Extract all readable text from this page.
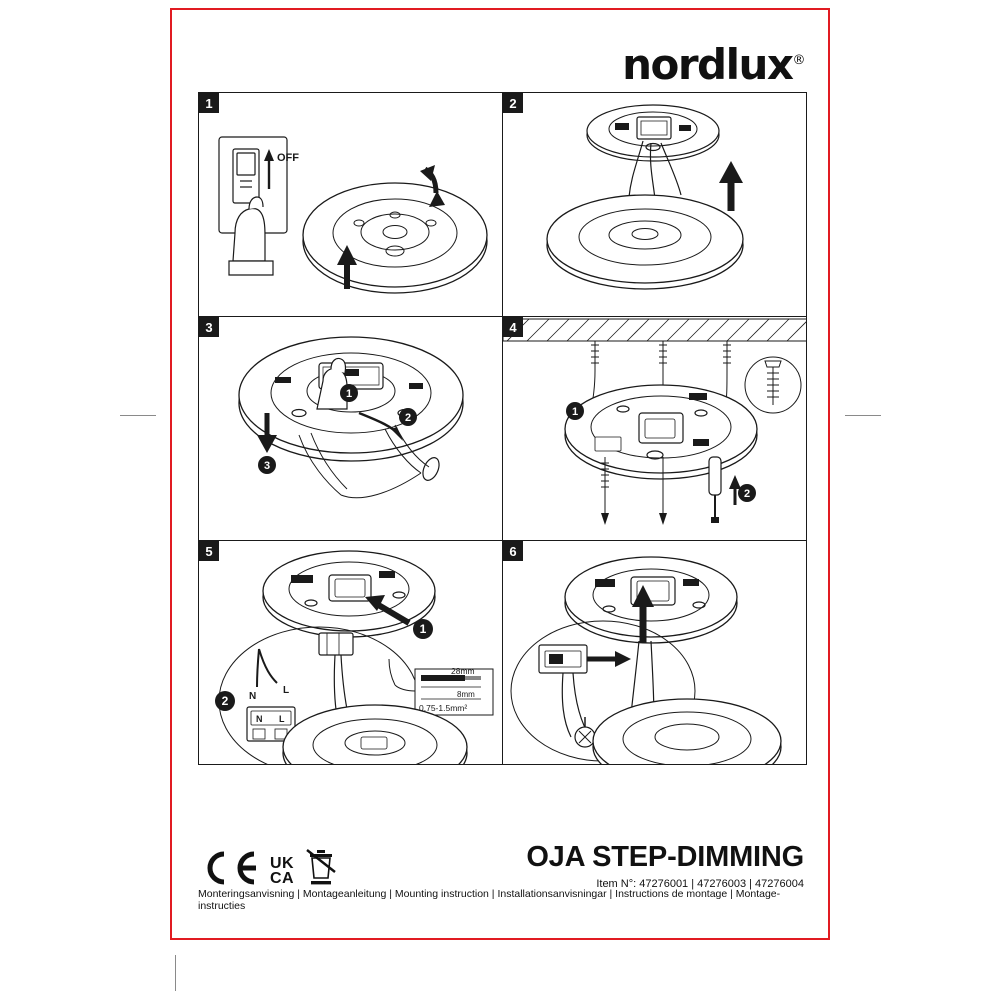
nordlux®
1
OFF
2
3
1
2
3
4
1
2
5
1
N
L
N L
2
28mm
8mm
0.75-1.5mm²
6
UK
CA
OJA STEP-DIMMING
Item N°: 47276001 | 47276003 | 47276004
Monteringsanvisning | Montageanleitung | Mounting instruction | Installationsanvisningar | Instructions de montage | Montage-instructies
